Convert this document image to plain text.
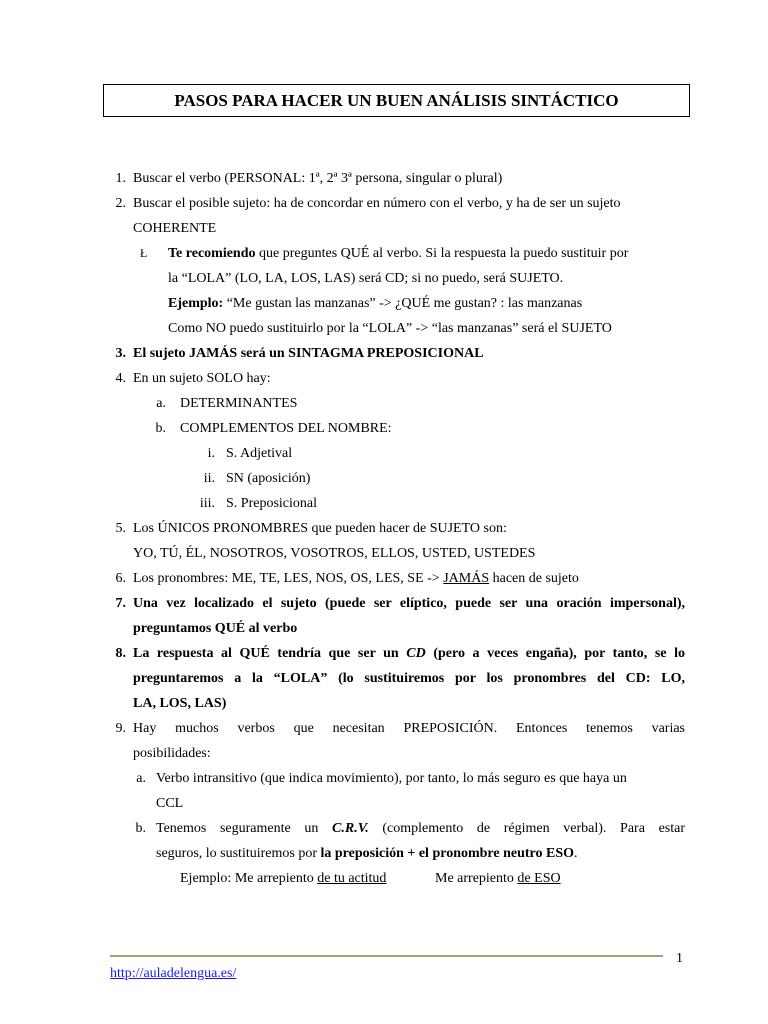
PASOS PARA HACER UN BUEN ANÁLISIS SINTÁCTICO
1. Buscar el verbo (PERSONAL: 1ª, 2ª 3ª persona, singular o plural)
2. Buscar el posible sujeto: ha de concordar en número con el verbo, y ha de ser un sujeto
COHERENTE
Ł	Te recomiendo que preguntes QUÉ al verbo. Si la respuesta la puedo sustituir por
la “LOLA” (LO, LA, LOS, LAS) será CD; si no puedo, será SUJETO.
Ejemplo: “Me gustan las manzanas” -> ¿QUÉ me gustan? : las manzanas
Como NO puedo sustituirlo por la “LOLA” -> “las manzanas” será el SUJETO
3. El sujeto JAMÁS será un SINTAGMA PREPOSICIONAL
4. En un sujeto SOLO hay:
a. DETERMINANTES
b. COMPLEMENTOS DEL NOMBRE:
i. S. Adjetival
ii. SN (aposición)
iii. S. Preposicional
5. Los ÚNICOS PRONOMBRES que pueden hacer de SUJETO son:
YO, TÚ, ÉL, NOSOTROS, VOSOTROS, ELLOS, USTED, USTEDES
6. Los pronombres: ME, TE, LES, NOS, OS, LES, SE -> JAMÁS hacen de sujeto
7. Una vez localizado el sujeto (puede ser elíptico, puede ser una oración impersonal),
preguntamos QUÉ al verbo
8. La respuesta al QUÉ tendría que ser un CD (pero a veces engaña), por tanto, se lo
preguntaremos a la “LOLA” (lo sustituiremos por los pronombres del CD: LO,
LA, LOS, LAS)
9. Hay muchos verbos que necesitan PREPOSICIÓN. Entonces tenemos varias
posibilidades:
a. Verbo intransitivo (que indica movimiento), por tanto, lo más seguro es que haya un
CCL
b. Tenemos seguramente un C.R.V. (complemento de régimen verbal). Para estar
seguros, lo sustituiremos por la preposición + el pronombre neutro ESO.
Ejemplo: Me arrepiento de tu actitud	Me arrepiento de ESO
1
http://auladelengua.es/
